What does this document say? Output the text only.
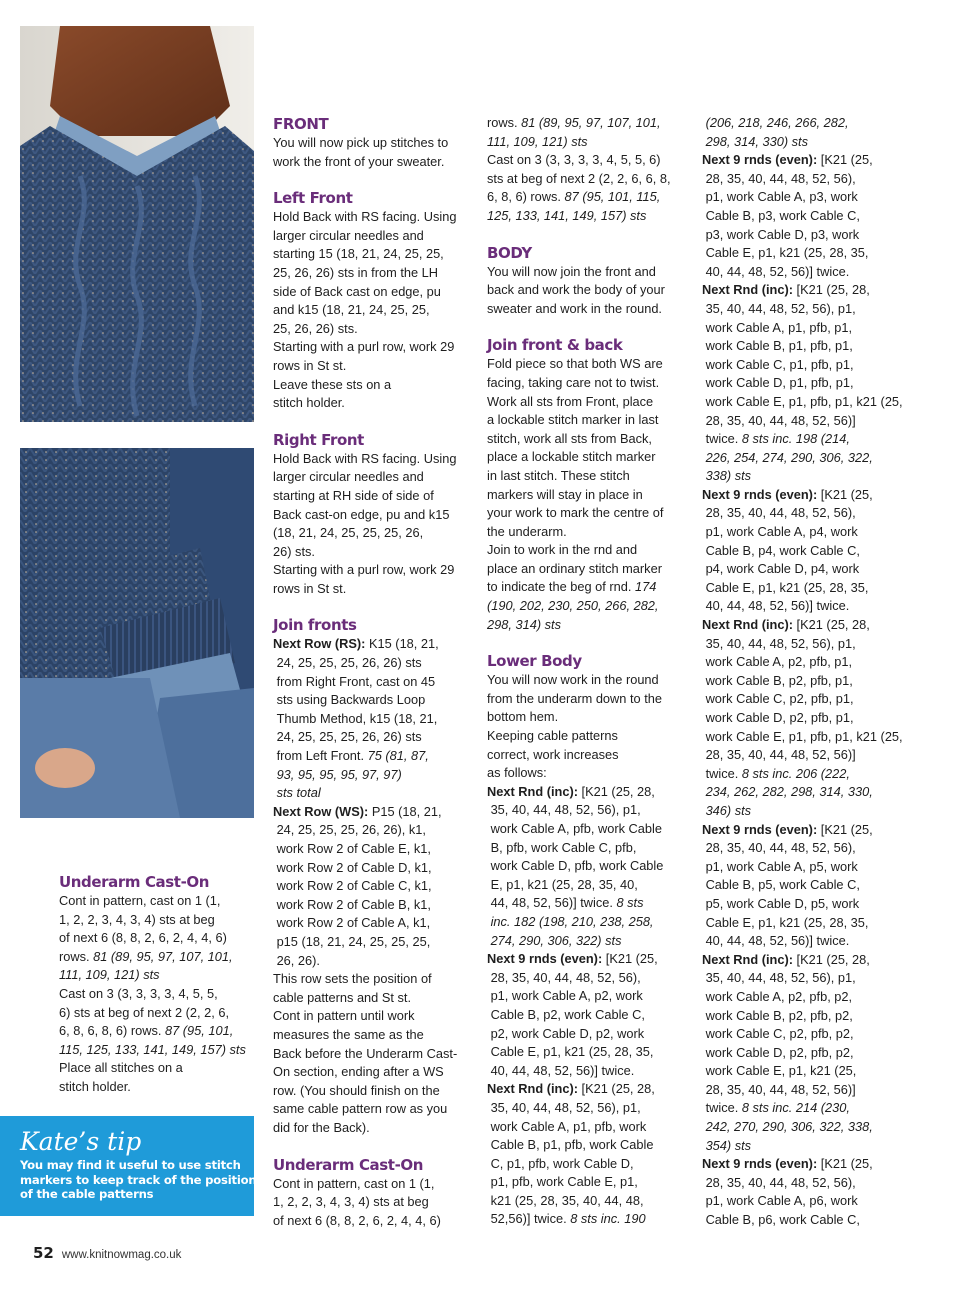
Underarm Cast-On

Cont in pattern, cast on 1 (1,

1, 2, 2, 3, 4, 3, 4) sts at beg

of next 6 (8, 8, 2, 6, 2, 4, 4, 6)

rows. 81 (89, 95, 97, 107, 101,

111, 109, 121) sts

Cast on 3 (3, 3, 3, 3, 4, 5, 5,

6) sts at beg of next 2 (2, 2, 6,

6, 8, 6, 8, 6) rows. 87 (95, 101,

115, 125, 133, 141, 149, 157) sts

Place all stitches on a

stitch holder.

Kate’s tip

You may find it useful to use stitch

markers to keep track of the position

of the cable patterns

FRONT

You will now pick up stitches to

work the front of your sweater.

Left Front

Hold Back with RS facing. Using

larger circular needles and

starting 15 (18, 21, 24, 25, 25,

25, 26, 26) sts in from the LH

side of Back cast on edge, pu

and k15 (18, 21, 24, 25, 25,

25, 26, 26) sts.

Starting with a purl row, work 29

rows in St st.

Leave these sts on a

stitch holder.

Right Front

Hold Back with RS facing. Using

larger circular needles and

starting at RH side of side of

Back cast-on edge, pu and k15

(18, 21, 24, 25, 25, 25, 26,

26) sts.

Starting with a purl row, work 29

rows in St st.

Join fronts

Next Row (RS): K15 (18, 21,

24, 25, 25, 25, 26, 26) sts

from Right Front, cast on 45

sts using Backwards Loop

Thumb Method, k15 (18, 21,

24, 25, 25, 25, 26, 26) sts

from Left Front. 75 (81, 87,

93, 95, 95, 95, 97, 97)

sts total

Next Row (WS): P15 (18, 21,

24, 25, 25, 25, 26, 26), k1,

work Row 2 of Cable E, k1,

work Row 2 of Cable D, k1,

work Row 2 of Cable C, k1,

work Row 2 of Cable B, k1,

work Row 2 of Cable A, k1,

p15 (18, 21, 24, 25, 25, 25,

26, 26).

This row sets the position of

cable patterns and St st.

Cont in pattern until work

measures the same as the

Back before the Underarm Cast-

On section, ending after a WS

row. (You should finish on the

same cable pattern row as you

did for the Back).

Underarm Cast-On

Cont in pattern, cast on 1 (1,

1, 2, 2, 3, 4, 3, 4) sts at beg

of next 6 (8, 8, 2, 6, 2, 4, 4, 6)

rows. 81 (89, 95, 97, 107, 101,

111, 109, 121) sts

Cast on 3 (3, 3, 3, 3, 4, 5, 5, 6)

sts at beg of next 2 (2, 2, 6, 6, 8,

6, 8, 6) rows. 87 (95, 101, 115,

125, 133, 141, 149, 157) sts

BODY

You will now join the front and

back and work the body of your

sweater and work in the round.

Join front & back

Fold piece so that both WS are

facing, taking care not to twist.

Work all sts from Front, place

a lockable stitch marker in last

stitch, work all sts from Back,

place a lockable stitch marker

in last stitch. These stitch

markers will stay in place in

your work to mark the centre of

the underarm.

Join to work in the rnd and

place an ordinary stitch marker

to indicate the beg of rnd. 174

(190, 202, 230, 250, 266, 282,

298, 314) sts

Lower Body

You will now work in the round

from the underarm down to the

bottom hem.

Keeping cable patterns

correct, work increases

as follows:

Next Rnd (inc): [K21 (25, 28,

35, 40, 44, 48, 52, 56), p1,

work Cable A, pfb, work Cable

B, pfb, work Cable C, pfb,

work Cable D, pfb, work Cable

E, p1, k21 (25, 28, 35, 40,

44, 48, 52, 56)] twice. 8 sts

inc. 182 (198, 210, 238, 258,

274, 290, 306, 322) sts

Next 9 rnds (even): [K21 (25,

28, 35, 40, 44, 48, 52, 56),

p1, work Cable A, p2, work

Cable B, p2, work Cable C,

p2, work Cable D, p2, work

Cable E, p1, k21 (25, 28, 35,

40, 44, 48, 52, 56)] twice.

Next Rnd (inc): [K21 (25, 28,

35, 40, 44, 48, 52, 56), p1,

work Cable A, p1, pfb, work

Cable B, p1, pfb, work Cable

C, p1, pfb, work Cable D,

p1, pfb, work Cable E, p1,

k21 (25, 28, 35, 40, 44, 48,

52,56)] twice. 8 sts inc. 190

(206, 218, 246, 266, 282,

298, 314, 330) sts

Next 9 rnds (even): [K21 (25,

28, 35, 40, 44, 48, 52, 56),

p1, work Cable A, p3, work

Cable B, p3, work Cable C,

p3, work Cable D, p3, work

Cable E, p1, k21 (25, 28, 35,

40, 44, 48, 52, 56)] twice.

Next Rnd (inc): [K21 (25, 28,

35, 40, 44, 48, 52, 56), p1,

work Cable A, p1, pfb, p1,

work Cable B, p1, pfb, p1,

work Cable C, p1, pfb, p1,

work Cable D, p1, pfb, p1,

work Cable E, p1, pfb, p1, k21 (25,

28, 35, 40, 44, 48, 52, 56)]

twice. 8 sts inc. 198 (214,

226, 254, 274, 290, 306, 322,

338) sts

Next 9 rnds (even): [K21 (25,

28, 35, 40, 44, 48, 52, 56),

p1, work Cable A, p4, work

Cable B, p4, work Cable C,

p4, work Cable D, p4, work

Cable E, p1, k21 (25, 28, 35,

40, 44, 48, 52, 56)] twice.

Next Rnd (inc): [K21 (25, 28,

35, 40, 44, 48, 52, 56), p1,

work Cable A, p2, pfb, p1,

work Cable B, p2, pfb, p1,

work Cable C, p2, pfb, p1,

work Cable D, p2, pfb, p1,

work Cable E, p1, pfb, p1, k21 (25,

28, 35, 40, 44, 48, 52, 56)]

twice. 8 sts inc. 206 (222,

234, 262, 282, 298, 314, 330,

346) sts

Next 9 rnds (even): [K21 (25,

28, 35, 40, 44, 48, 52, 56),

p1, work Cable A, p5, work

Cable B, p5, work Cable C,

p5, work Cable D, p5, work

Cable E, p1, k21 (25, 28, 35,

40, 44, 48, 52, 56)] twice.

Next Rnd (inc): [K21 (25, 28,

35, 40, 44, 48, 52, 56), p1,

work Cable A, p2, pfb, p2,

work Cable B, p2, pfb, p2,

work Cable C, p2, pfb, p2,

work Cable D, p2, pfb, p2,

work Cable E, p1, k21 (25,

28, 35, 40, 44, 48, 52, 56)]

twice. 8 sts inc. 214 (230,

242, 270, 290, 306, 322, 338,

354) sts

Next 9 rnds (even): [K21 (25,

28, 35, 40, 44, 48, 52, 56),

p1, work Cable A, p6, work

Cable B, p6, work Cable C,

52 www.knitnowmag.co.uk
